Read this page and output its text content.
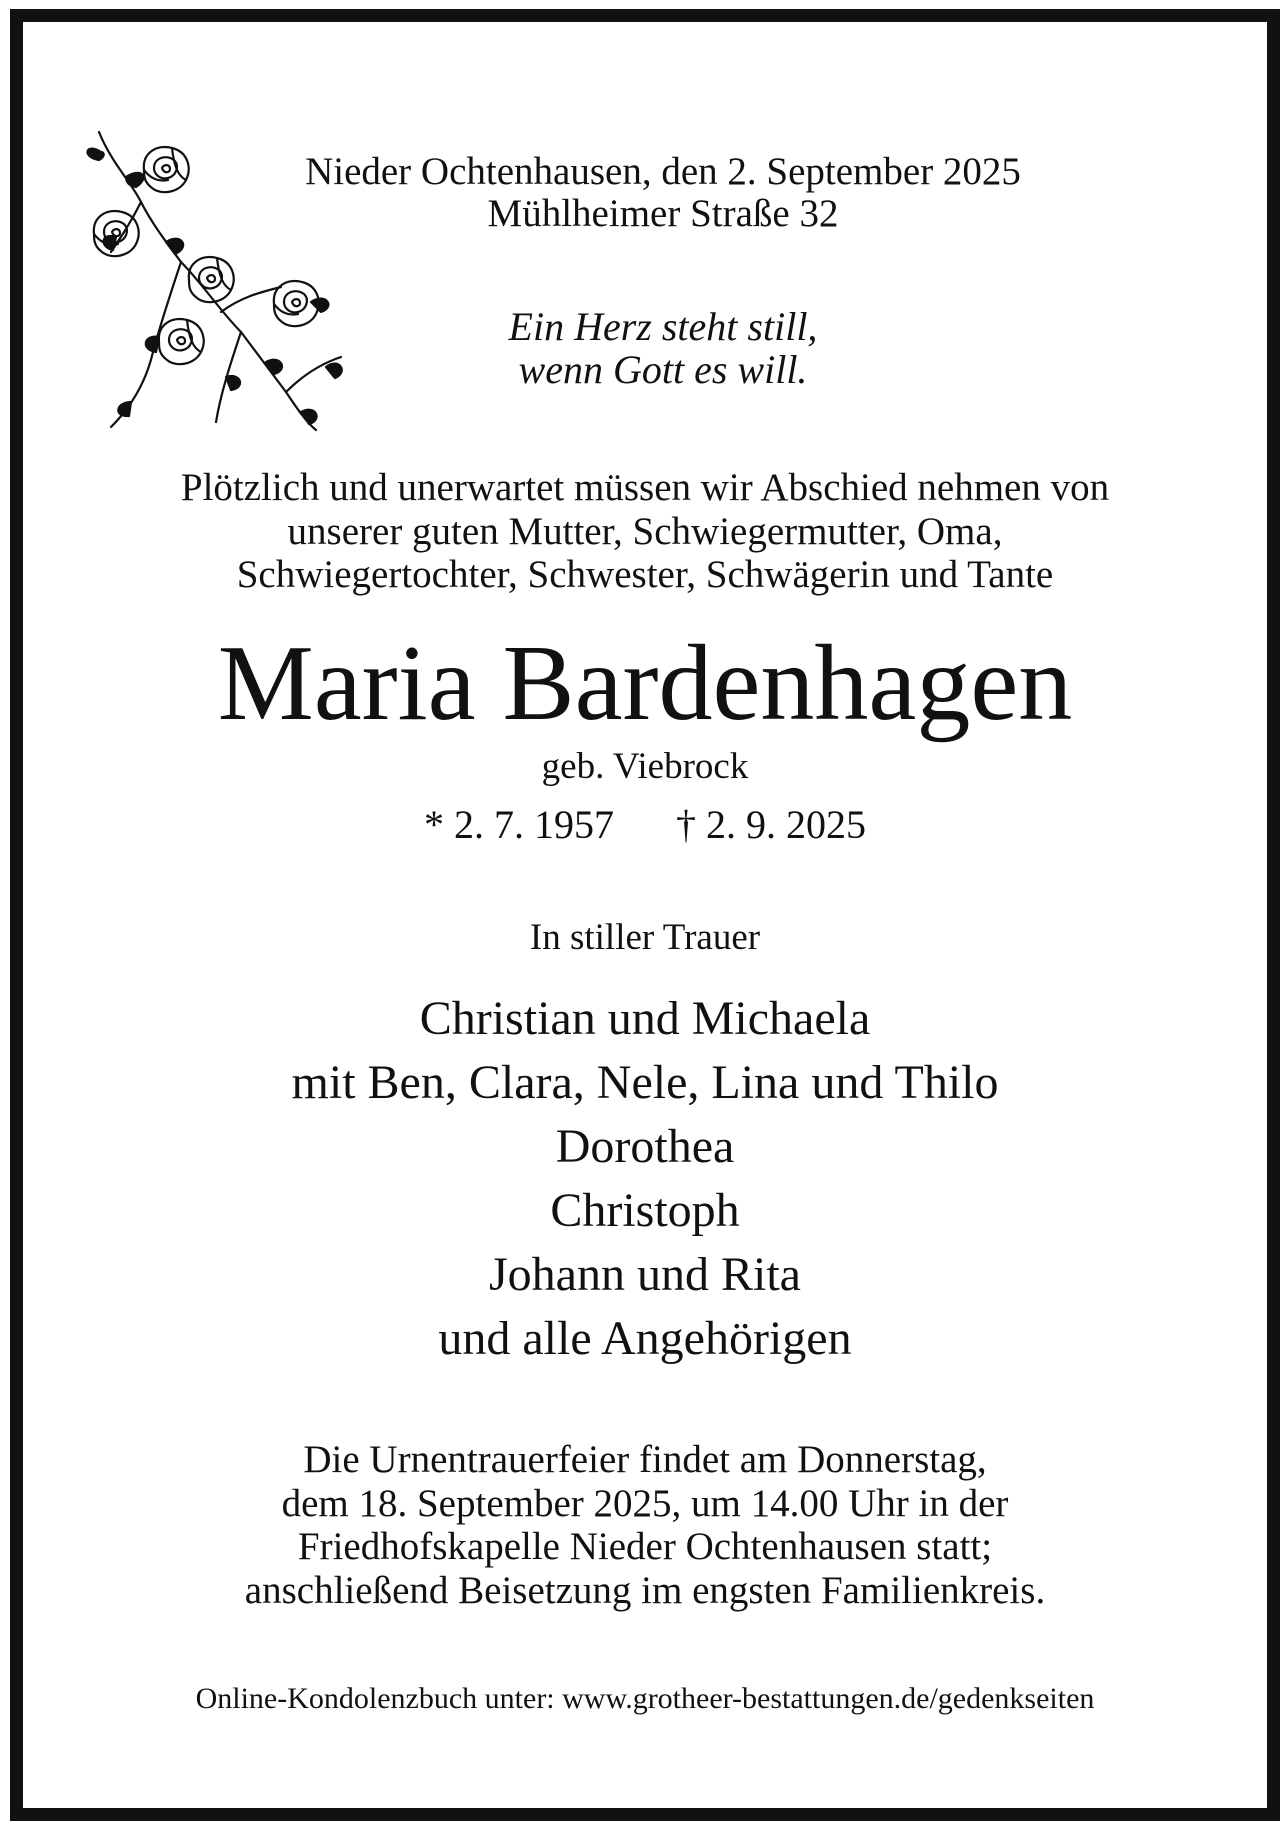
Nieder Ochtenhausen, den 2. September 2025
Mühlheimer Straße 32
Ein Herz steht still,
wenn Gott es will.
Plötzlich und unerwartet müssen wir Abschied nehmen von
unserer guten Mutter, Schwiegermutter, Oma,
Schwiegertochter, Schwester, Schwägerin und Tante
Maria Bardenhagen
geb. Viebrock
* 2. 7. 1957 † 2. 9. 2025
In stiller Trauer
Christian und Michaela
mit Ben, Clara, Nele, Lina und Thilo
Dorothea
Christoph
Johann und Rita
und alle Angehörigen
Die Urnentrauerfeier findet am Donnerstag,
dem 18. September 2025, um 14.00 Uhr in der
Friedhofskapelle Nieder Ochtenhausen statt;
anschließend Beisetzung im engsten Familienkreis.
Online-Kondolenzbuch unter: www.grotheer-bestattungen.de/gedenkseiten
